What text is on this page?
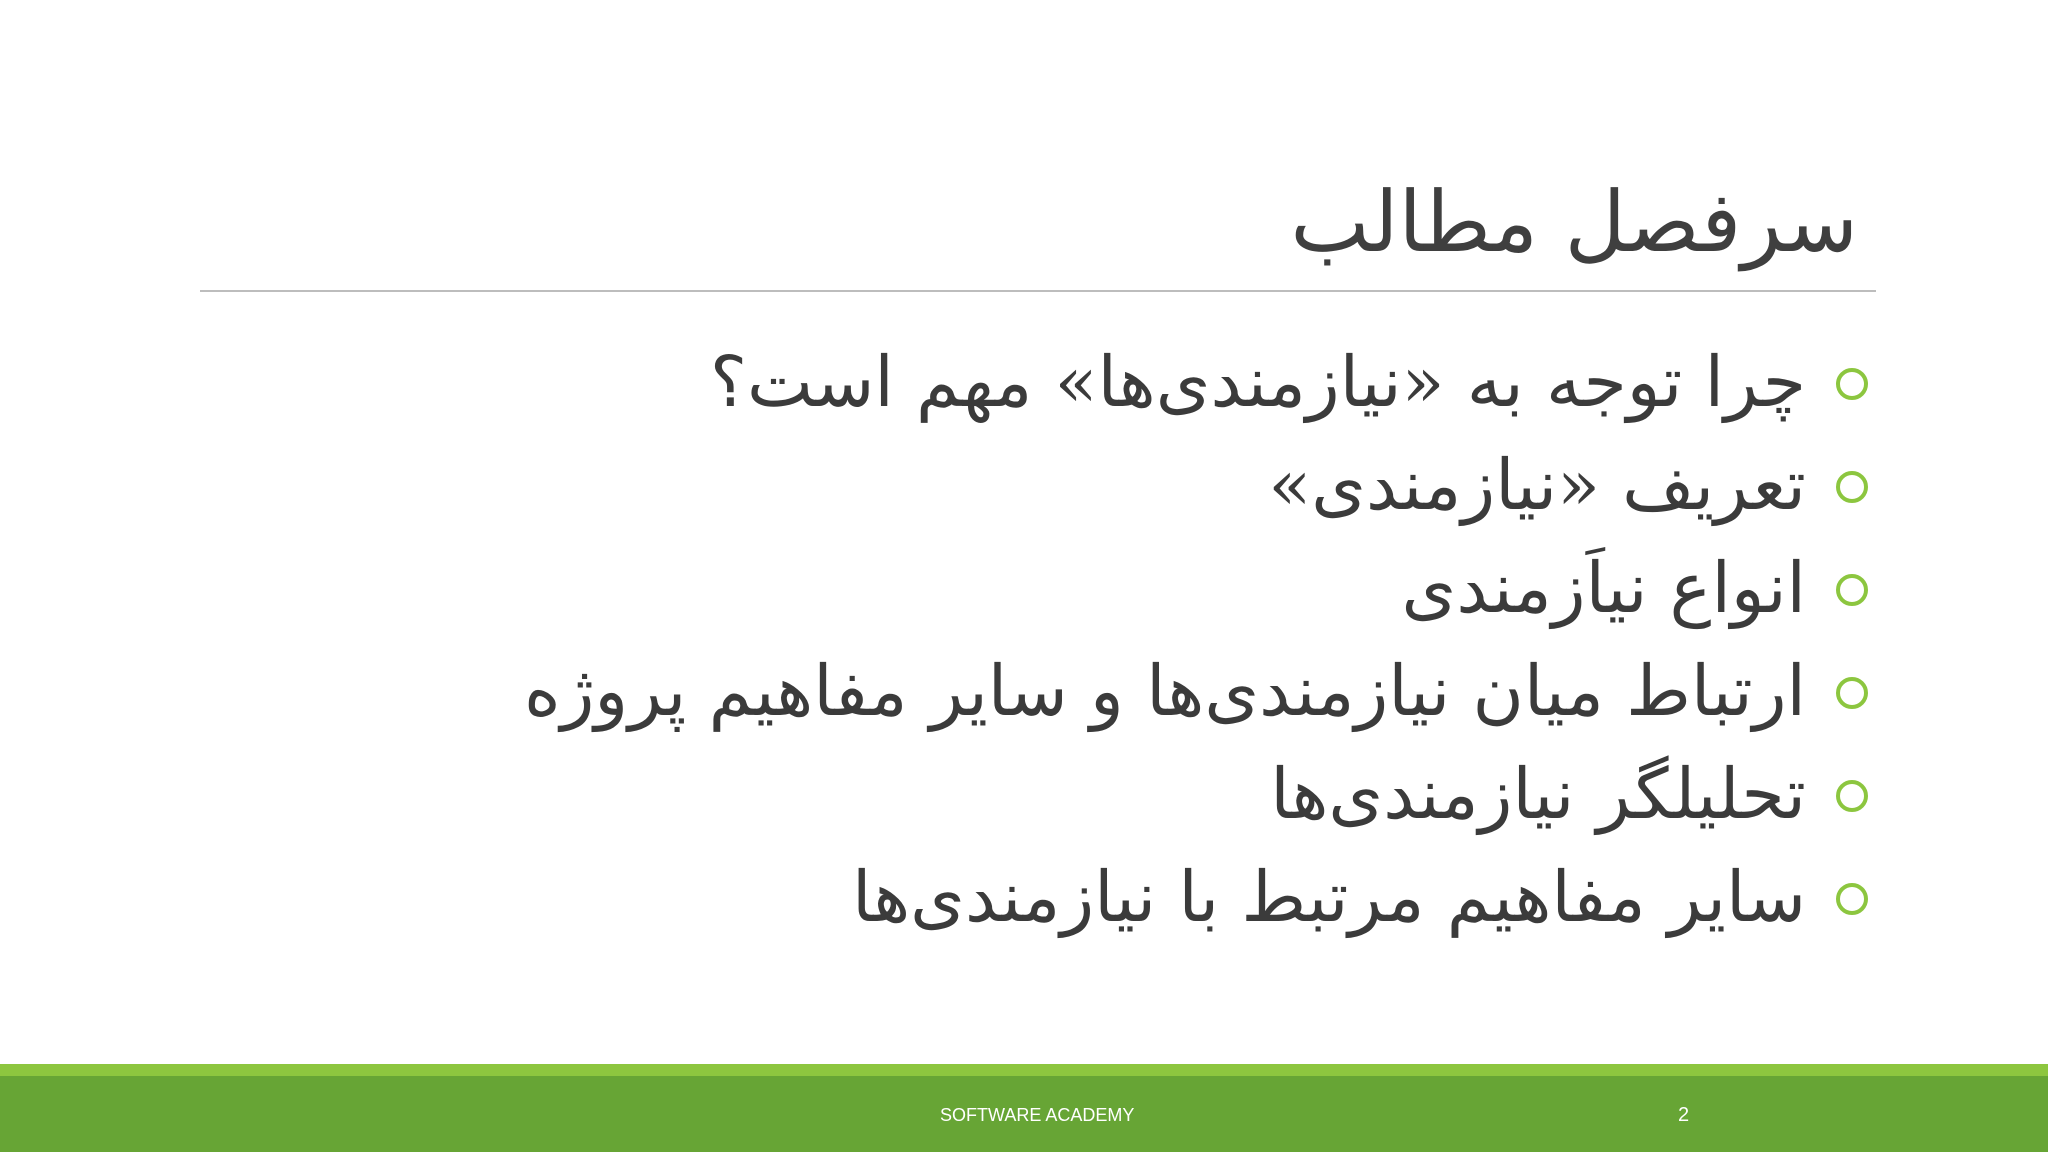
سرفصل مطالب
چرا توجه به «نیازمندی‌ها» مهم است؟
تعریف «نیازمندی»
انواع نیاَزمندی
ارتباط میان نیازمندی‌ها و سایر مفاهیم پروژه
تحلیلگر نیازمندی‌ها
سایر مفاهیم مرتبط با نیازمندی‌ها

SOFTWARE ACADEMY	2
